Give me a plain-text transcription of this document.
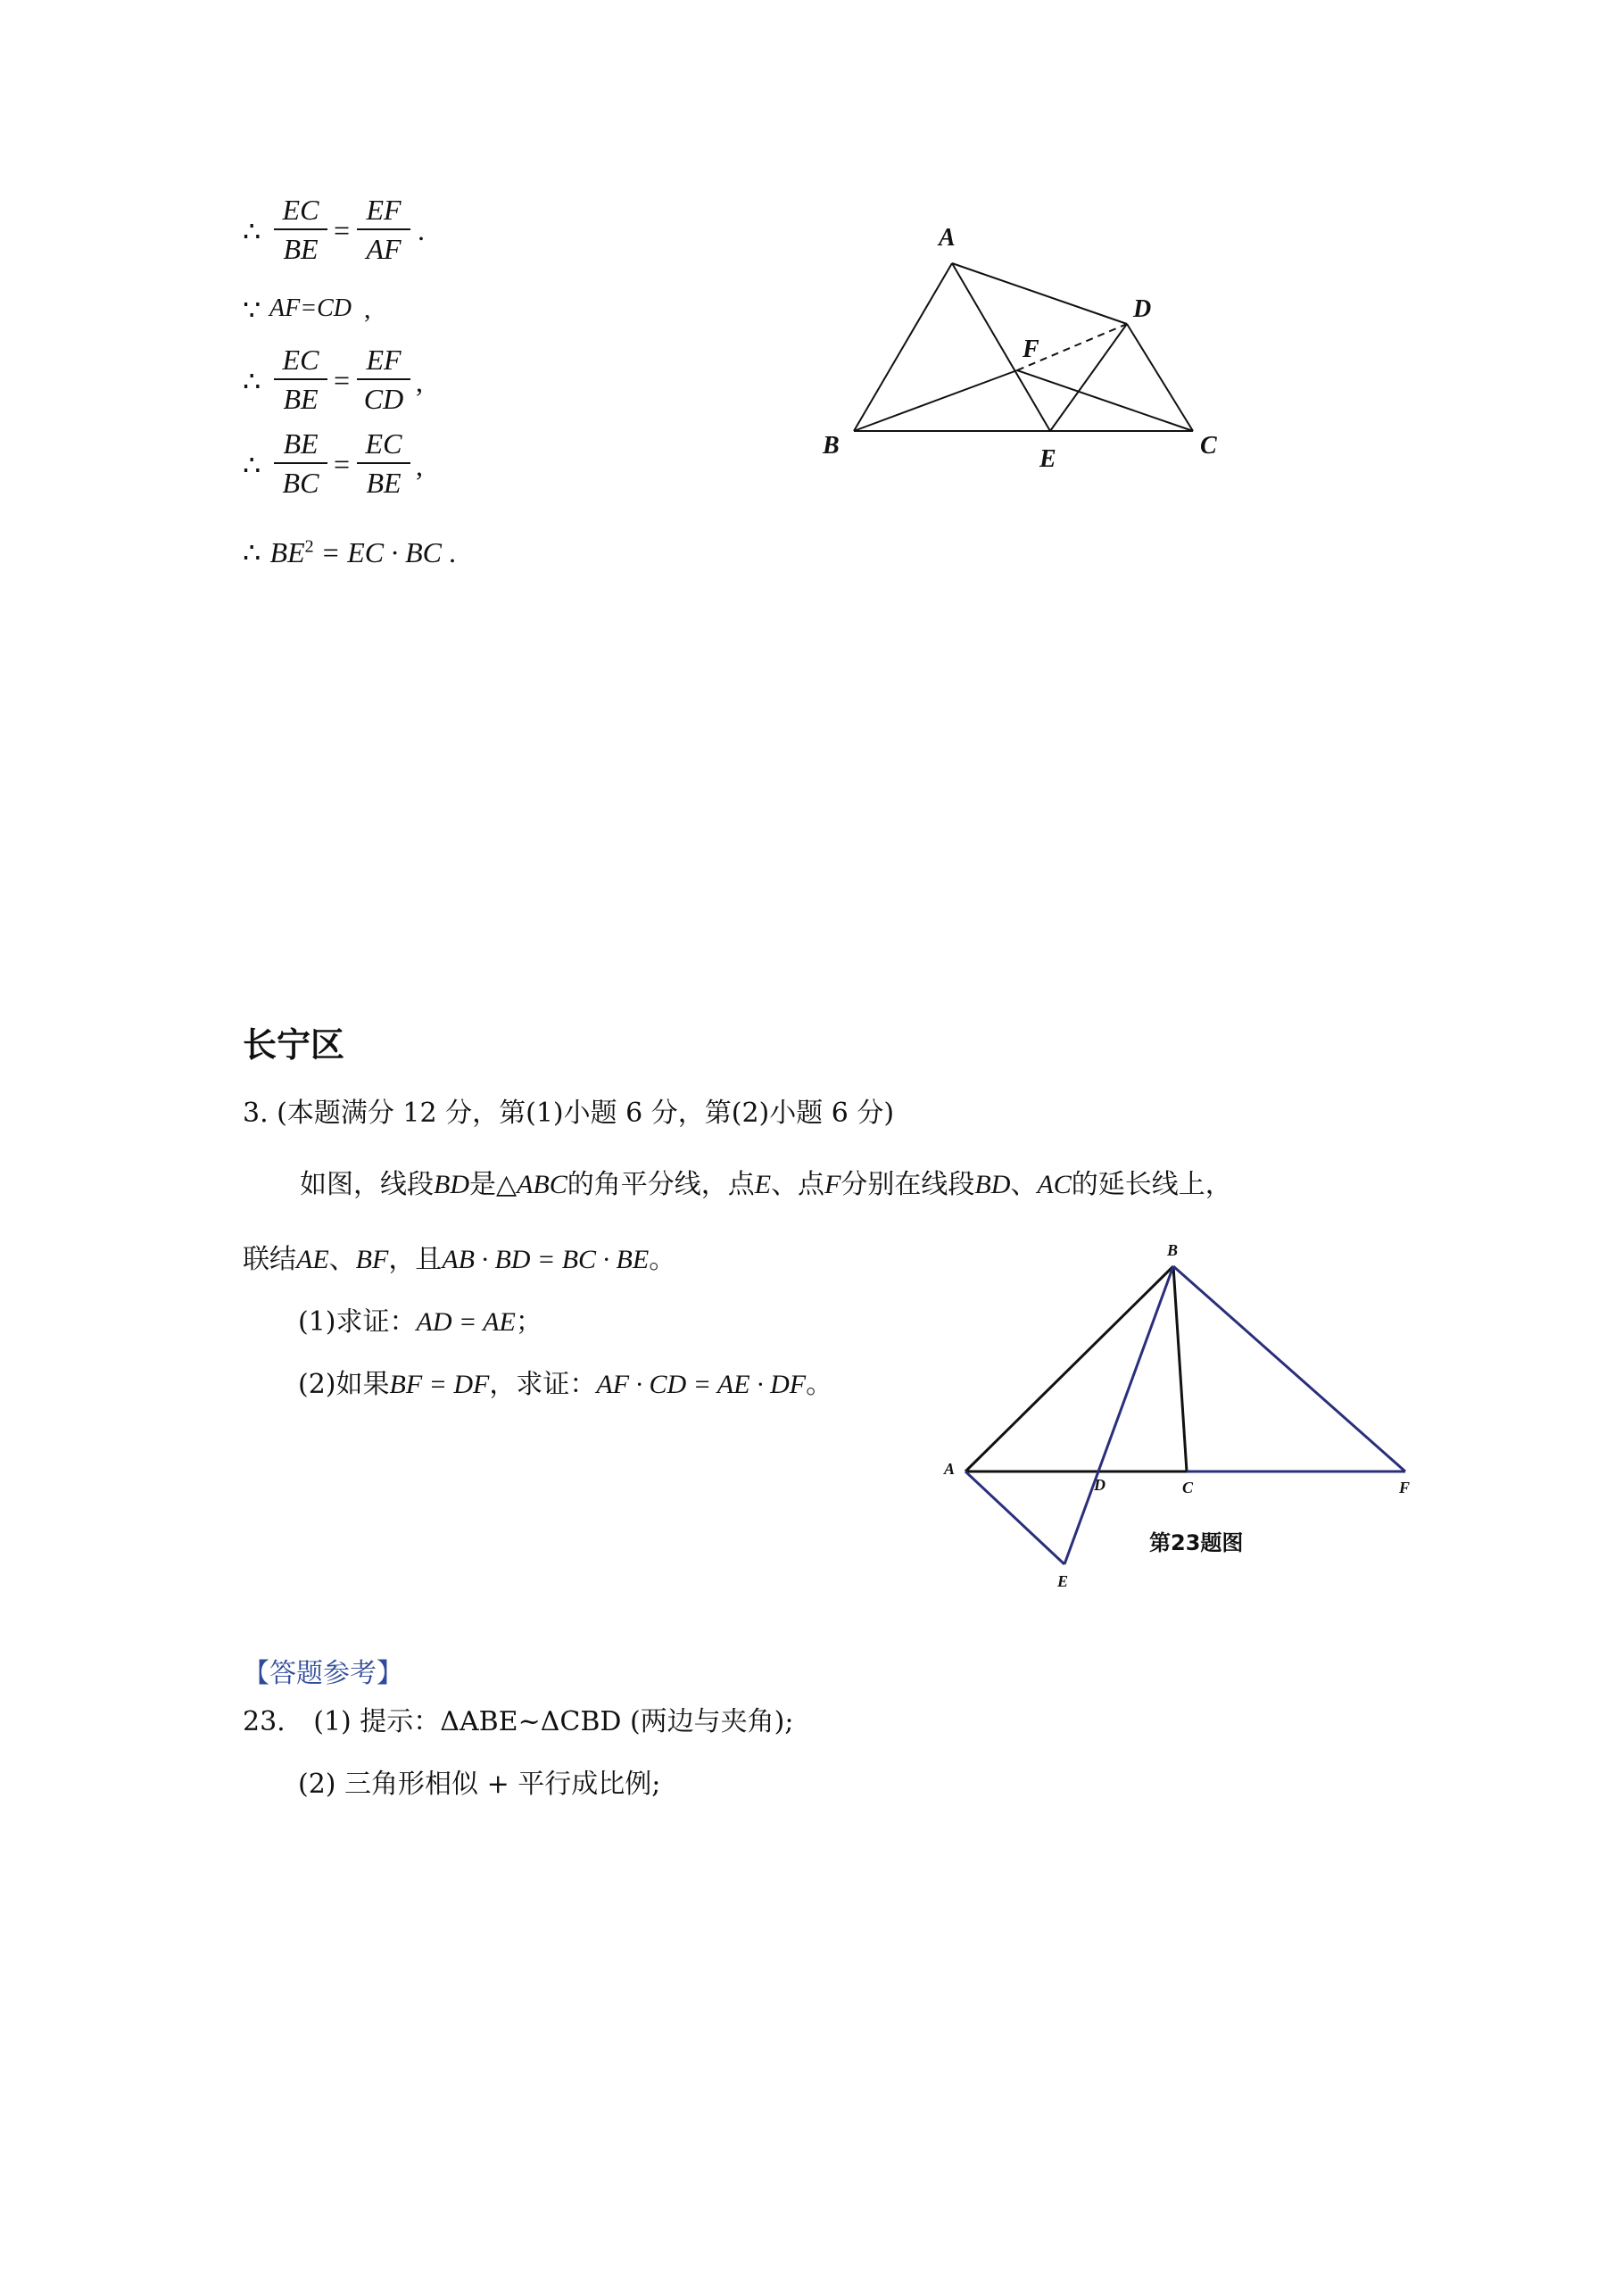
∴
EC
BE
=
EF
AF
.
∵ AF=CD ,
∴
EC
BE
=
EF
CD
,
∴
BE
BC
=
EC
BE
,
∴ $BE^2$ = EC · BC .
A
B	C
D
E
F
长宁区
3. (本题满分 12 分，第(1)小题 6 分，第(2)小题 6 分)
如图，线段BD是△ABC的角平分线，点E、点F分别在线段BD、AC的延长线上，
联结AE、BF，且AB · BD = BC · BE。
(1)求证：AD = AE；
(2)如果BF = DF，求证：AF · CD = AE · DF。
B
A
D	C	F
E
第23题图
【答题参考】
23. (1) 提示：ΔABE~ΔCBD (两边与夹角);
(2) 三角形相似 + 平行成比例;
